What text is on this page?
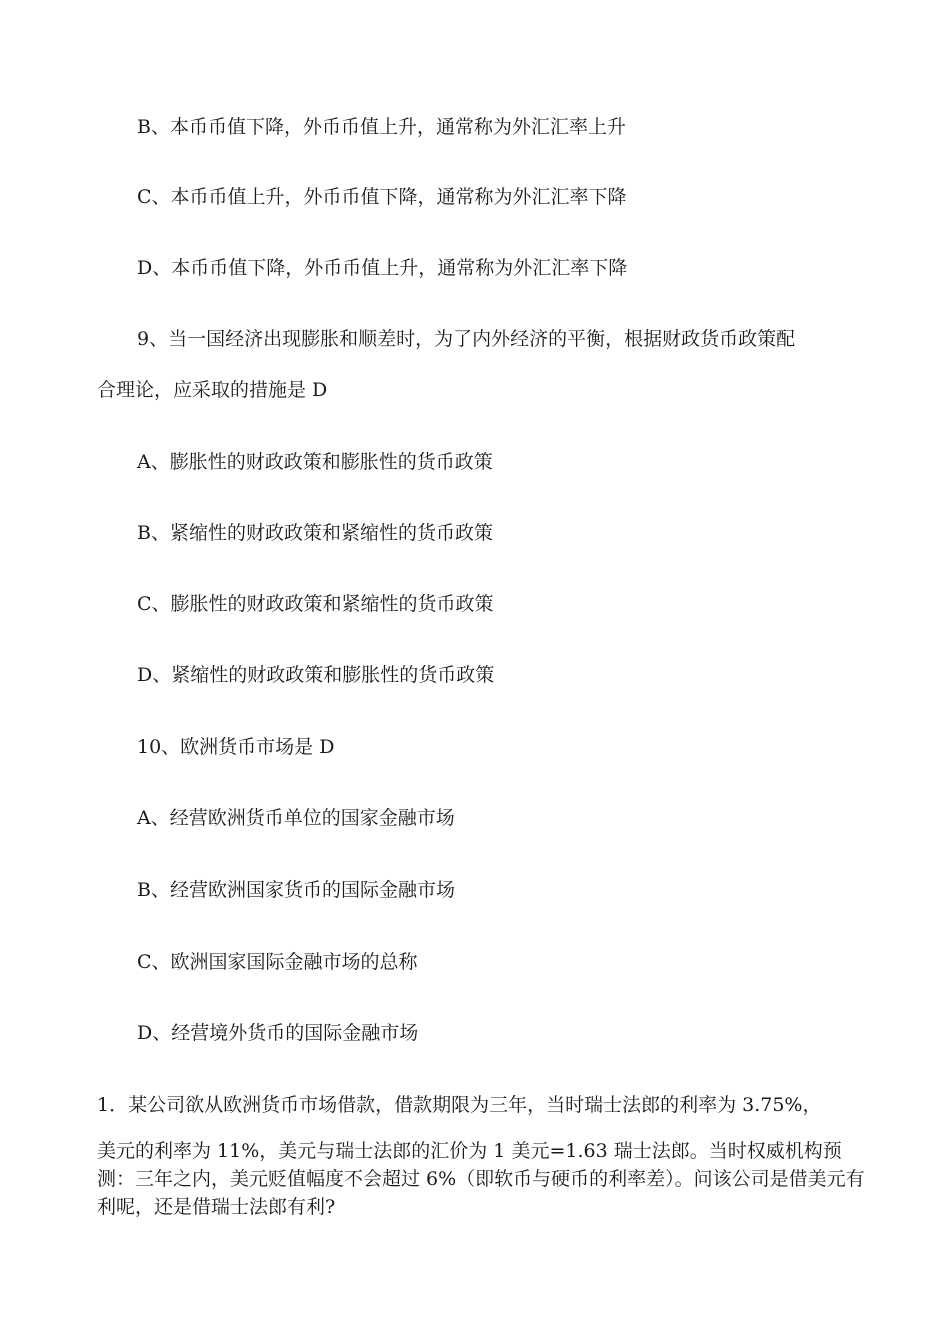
B、本币币值下降，外币币值上升，通常称为外汇汇率上升

C、本币币值上升，外币币值下降，通常称为外汇汇率下降

D、本币币值下降，外币币值上升，通常称为外汇汇率下降

9、当一国经济出现膨胀和顺差时，为了内外经济的平衡，根据财政货币政策配

合理论，应采取的措施是 D

A、膨胀性的财政政策和膨胀性的货币政策

B、紧缩性的财政政策和紧缩性的货币政策

C、膨胀性的财政政策和紧缩性的货币政策

D、紧缩性的财政政策和膨胀性的货币政策

10、欧洲货币市场是 D

A、经营欧洲货币单位的国家金融市场

B、经营欧洲国家货币的国际金融市场

C、欧洲国家国际金融市场的总称

D、经营境外货币的国际金融市场

1．某公司欲从欧洲货币市场借款，借款期限为三年，当时瑞士法郎的利率为 3.75%，

美元的利率为 11%，美元与瑞士法郎的汇价为 1 美元=1.63 瑞士法郎。当时权威机构预测：三年之内，美元贬值幅度不会超过 6%（即软币与硬币的利率差）。问该公司是借美元有利呢，还是借瑞士法郎有利?
